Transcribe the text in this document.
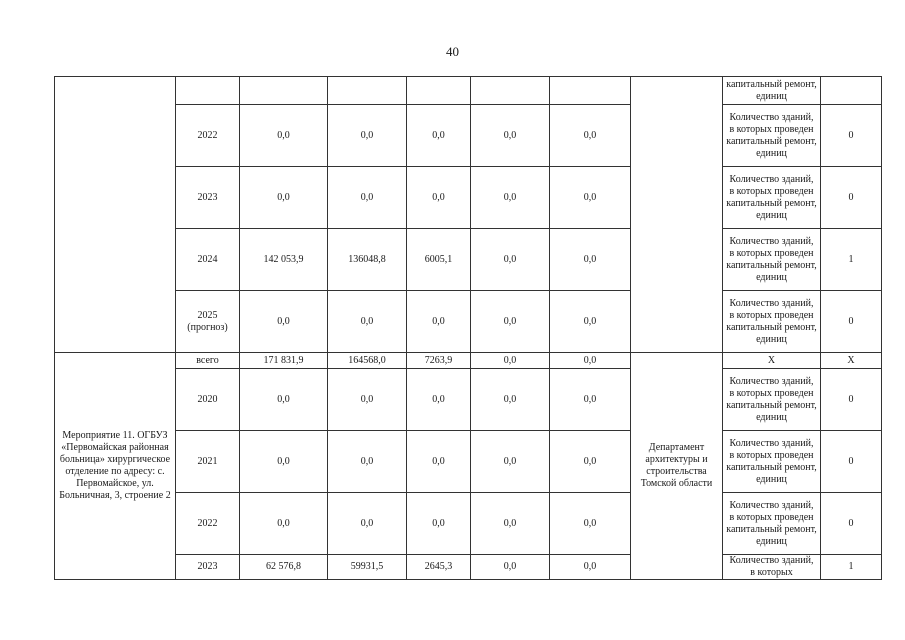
40

								капитальный ремонт, единиц	

	2022	0,0	0,0	0,0	0,0	0,0		Количество зданий, в которых проведен капитальный ремонт, единиц	0
	2023	0,0	0,0	0,0	0,0	0,0		Количество зданий, в которых проведен капитальный ремонт, единиц	0
	2024	142 053,9	136048,8	6005,1	0,0	0,0		Количество зданий, в которых проведен капитальный ремонт, единиц	1
	2025 (прогноз)	0,0	0,0	0,0	0,0	0,0		Количество зданий, в которых проведен капитальный ремонт, единиц	0
Мероприятие 11. ОГБУЗ «Первомайская районная больница» хирургическое отделение по адресу: с. Первомайское, ул. Больничная, 3, строение 2	всего	171 831,9	164568,0	7263,9	0,0	0,0	Департамент архитектуры и строительства Томской области	Х	Х
	2020	0,0	0,0	0,0	0,0	0,0		Количество зданий, в которых проведен капитальный ремонт, единиц	0
	2021	0,0	0,0	0,0	0,0	0,0		Количество зданий, в которых проведен капитальный ремонт, единиц	0
	2022	0,0	0,0	0,0	0,0	0,0		Количество зданий, в которых проведен капитальный ремонт, единиц	0
	2023	62 576,8	59931,5	2645,3	0,0	0,0		Количество зданий, в которых	1
